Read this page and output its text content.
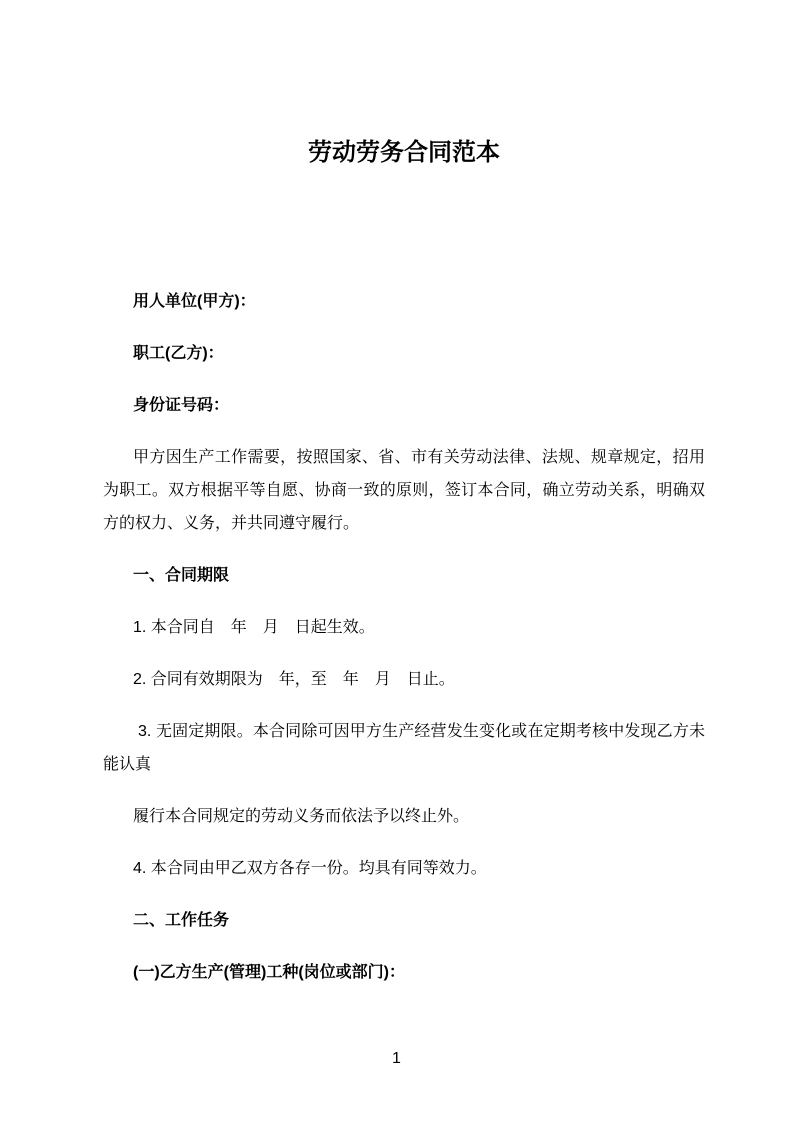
劳动劳务合同范本

用人单位(甲方)：

职工(乙方)：

身份证号码：

甲方因生产工作需要，按照国家、省、市有关劳动法律、法规、规章规定，招用 为职工。双方根据平等自愿、协商一致的原则，签订本合同，确立劳动关系，明确双方的权力、义务，并共同遵守履行。

一、合同期限

1. 本合同自　年　月　日起生效。

2. 合同有效期限为　年，至　年　月　日止。

3. 无固定期限。本合同除可因甲方生产经营发生变化或在定期考核中发现乙方未能认真

履行本合同规定的劳动义务而依法予以终止外。

4. 本合同由甲乙双方各存一份。均具有同等效力。

二、工作任务

(一)乙方生产(管理)工种(岗位或部门)：

1
